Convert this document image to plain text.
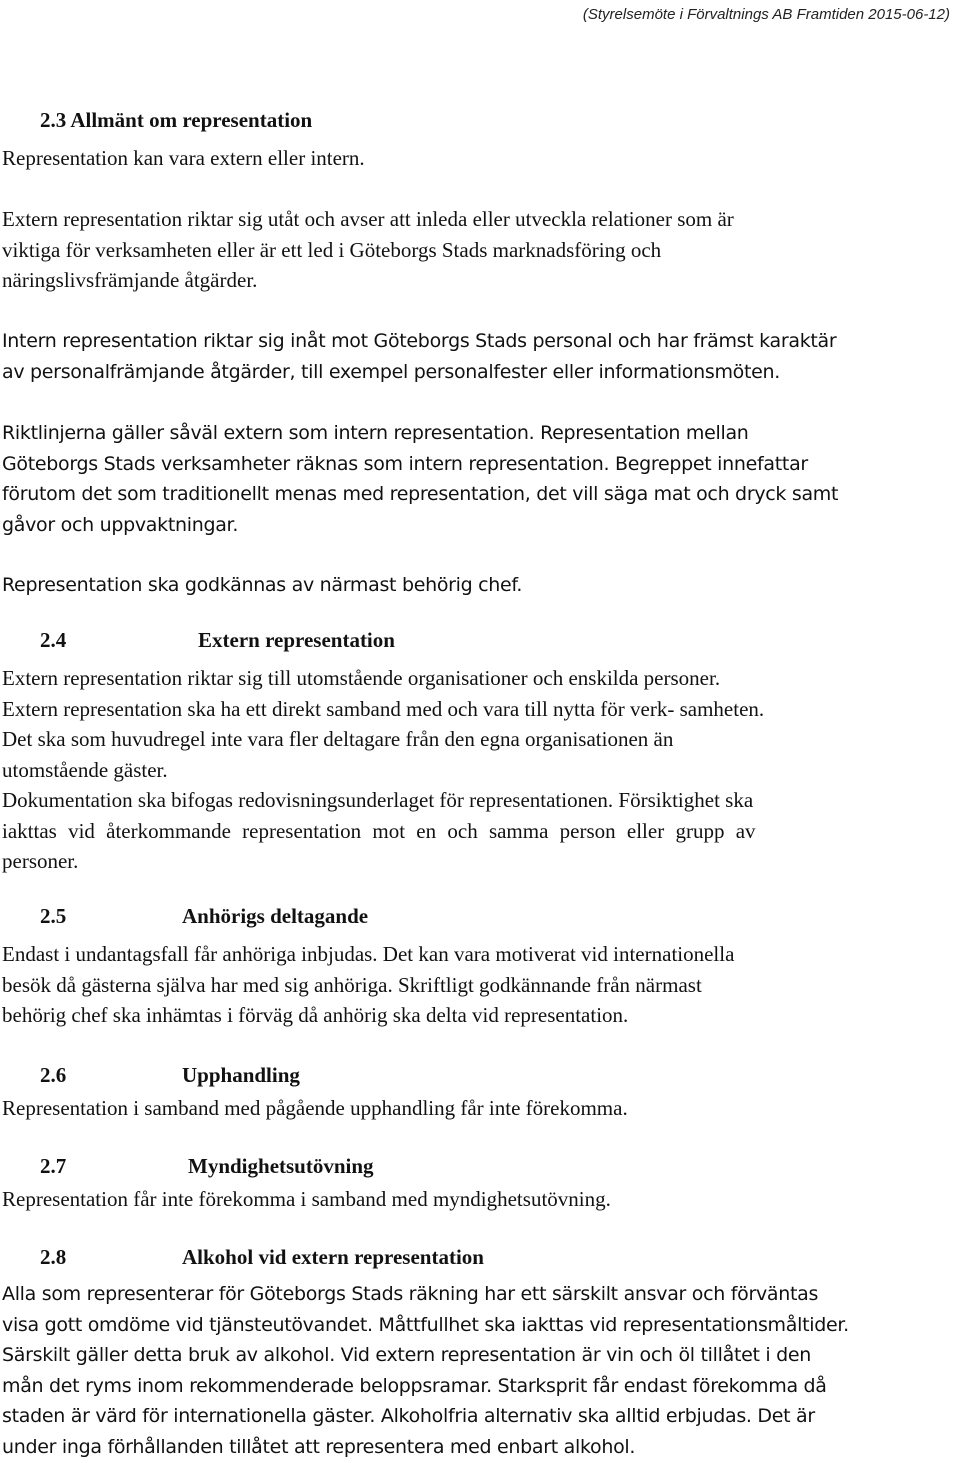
(Styrelsemöte i Förvaltnings AB Framtiden 2015-06-12)
2.3 Allmänt om representation
Representation kan vara extern eller intern.
Extern representation riktar sig utåt och avser att inleda eller utveckla relationer som är
viktiga för verksamheten eller är ett led i Göteborgs Stads marknadsföring och
näringslivsfrämjande åtgärder.
Intern representation riktar sig inåt mot Göteborgs Stads personal och har främst karaktär
av personalfrämjande åtgärder, till exempel personalfester eller informationsmöten.
Riktlinjerna gäller såväl extern som intern representation. Representation mellan
Göteborgs Stads verksamheter räknas som intern representation. Begreppet innefattar
förutom det som traditionellt menas med representation, det vill säga mat och dryck samt
gåvor och uppvaktningar.
Representation ska godkännas av närmast behörig chef.
2.4	Extern representation
Extern representation riktar sig till utomstående organisationer och enskilda personer.
Extern representation ska ha ett direkt samband med och vara till nytta för verk- samheten.
Det ska som huvudregel inte vara fler deltagare från den egna organisationen än
utomstående gäster.
Dokumentation ska bifogas redovisningsunderlaget för representationen. Försiktighet ska
iakttas vid återkommande representation mot en och samma person eller grupp av
personer.
2.5	Anhörigs deltagande
Endast i undantagsfall får anhöriga inbjudas. Det kan vara motiverat vid internationella
besök då gästerna själva har med sig anhöriga. Skriftligt godkännande från närmast
behörig chef ska inhämtas i förväg då anhörig ska delta vid representation.
2.6	Upphandling
Representation i samband med pågående upphandling får inte förekomma.
2.7	Myndighetsutövning
Representation får inte förekomma i samband med myndighetsutövning.
2.8	Alkohol vid extern representation
Alla som representerar för Göteborgs Stads räkning har ett särskilt ansvar och förväntas
visa gott omdöme vid tjänsteutövandet. Måttfullhet ska iakttas vid representationsmåltider.
Särskilt gäller detta bruk av alkohol. Vid extern representation är vin och öl tillåtet i den
mån det ryms inom rekommenderade beloppsramar. Starksprit får endast förekomma då
staden är värd för internationella gäster. Alkoholfria alternativ ska alltid erbjudas. Det är
under inga förhållanden tillåtet att representera med enbart alkohol.
